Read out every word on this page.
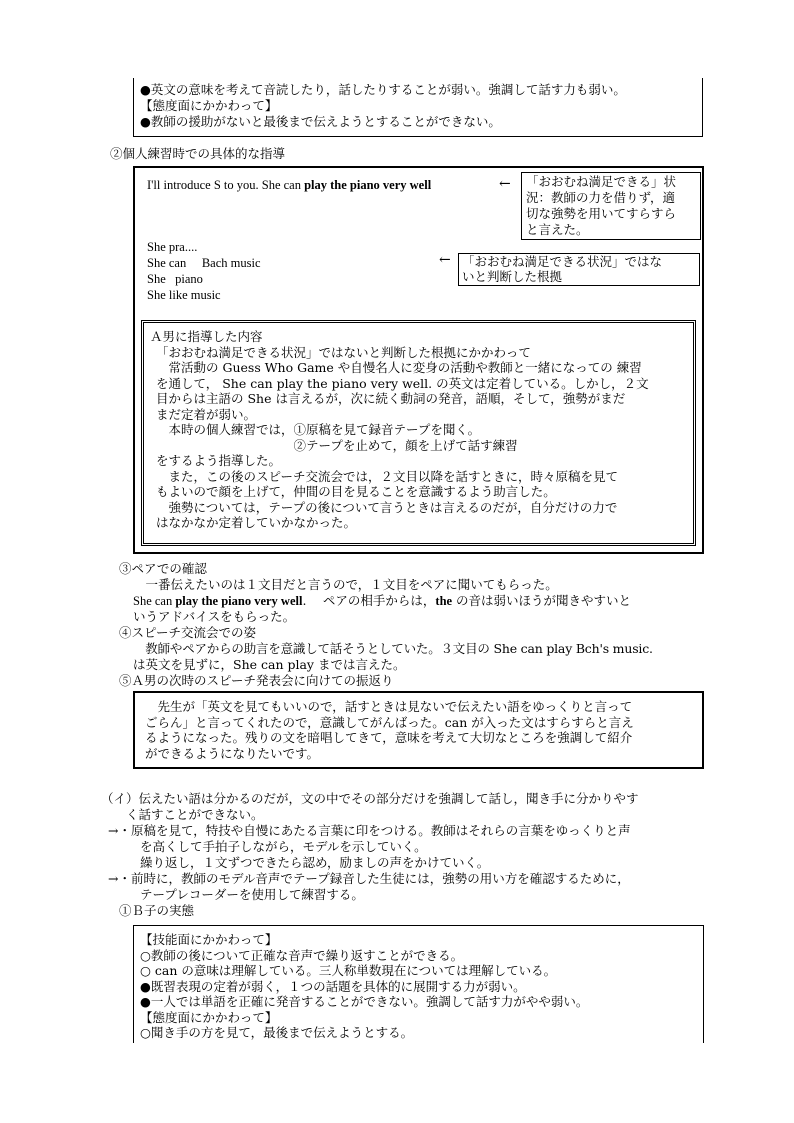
●英文の意味を考えて音読したり，話したりすることが弱い。強調して話す力も弱い。
【態度面にかかわって】
●教師の援助がないと最後まで伝えようとすることができない。
②個人練習時での具体的な指導
I'll introduce S to you. She can play the piano very well	← 「おおむね満足できる」状
況：教師の力を借りず，適
切な強勢を用いてすらすら
と言えた。
She pra....
She can     Bach music
She   piano
She like music
← 「おおむね満足できる状況」ではな
いと判断した根拠
Ａ男に指導した内容
「おおむね満足できる状況」ではないと判断した根拠にかかわって
　常活動の Guess Who Game や自慢名人に変身の活動や教師と一緒になっての 練習
を通して， She can play the piano very well. の英文は定着している。しかし，２文
目からは主語の She は言えるが，次に続く動詞の発音，語順，そして，強勢がまだ
まだ定着が弱い。
　本時の個人練習では，①原稿を見て録音テープを聞く。
　　　　　　　　　　　②テープを止めて，顔を上げて話す練習
をするよう指導した。
　また，この後のスピーチ交流会では，２文目以降を話すときに，時々原稿を見て
もよいので顔を上げて，仲間の目を見ることを意識するよう助言した。
　強勢については，テープの後について言うときは言えるのだが，自分だけの力で
はなかなか定着していかなかった。
③ペアでの確認
　一番伝えたいのは１文目だと言うので，１文目をペアに聞いてもらった。
She can play the piano very well.　 ペアの相手からは，the の音は弱いほうが聞きやすいと
いうアドバイスをもらった。
④スピーチ交流会での姿
　教師やペアからの助言を意識して話そうとしていた。３文目の She can play Bch's music.
は英文を見ずに，She can play までは言えた。
⑤Ａ男の次時のスピーチ発表会に向けての振返り
　先生が「英文を見てもいいので，話すときは見ないで伝えたい語をゆっくりと言って
ごらん」と言ってくれたので，意識してがんばった。can が入った文はすらすらと言え
るようになった。残りの文を暗唱してきて，意味を考えて大切なところを強調して紹介
ができるようになりたいです。
（イ）伝えたい語は分かるのだが，文の中でその部分だけを強調して話し，聞き手に分かりやす
く話すことができない。
→・原稿を見て，特技や自慢にあたる言葉に印をつける。教師はそれらの言葉をゆっくりと声
を高くして手拍子しながら，モデルを示していく。
繰り返し，１文ずつできたら認め，励ましの声をかけていく。
→・前時に，教師のモデル音声でテープ録音した生徒には，強勢の用い方を確認するために，
テープレコーダーを使用して練習する。
①Ｂ子の実態
【技能面にかかわって】
○教師の後について正確な音声で繰り返すことができる。
○ can の意味は理解している。三人称単数現在については理解している。
●既習表現の定着が弱く，１つの話題を具体的に展開する力が弱い。
●一人では単語を正確に発音することができない。強調して話す力がやや弱い。
【態度面にかかわって】
○聞き手の方を見て，最後まで伝えようとする。
